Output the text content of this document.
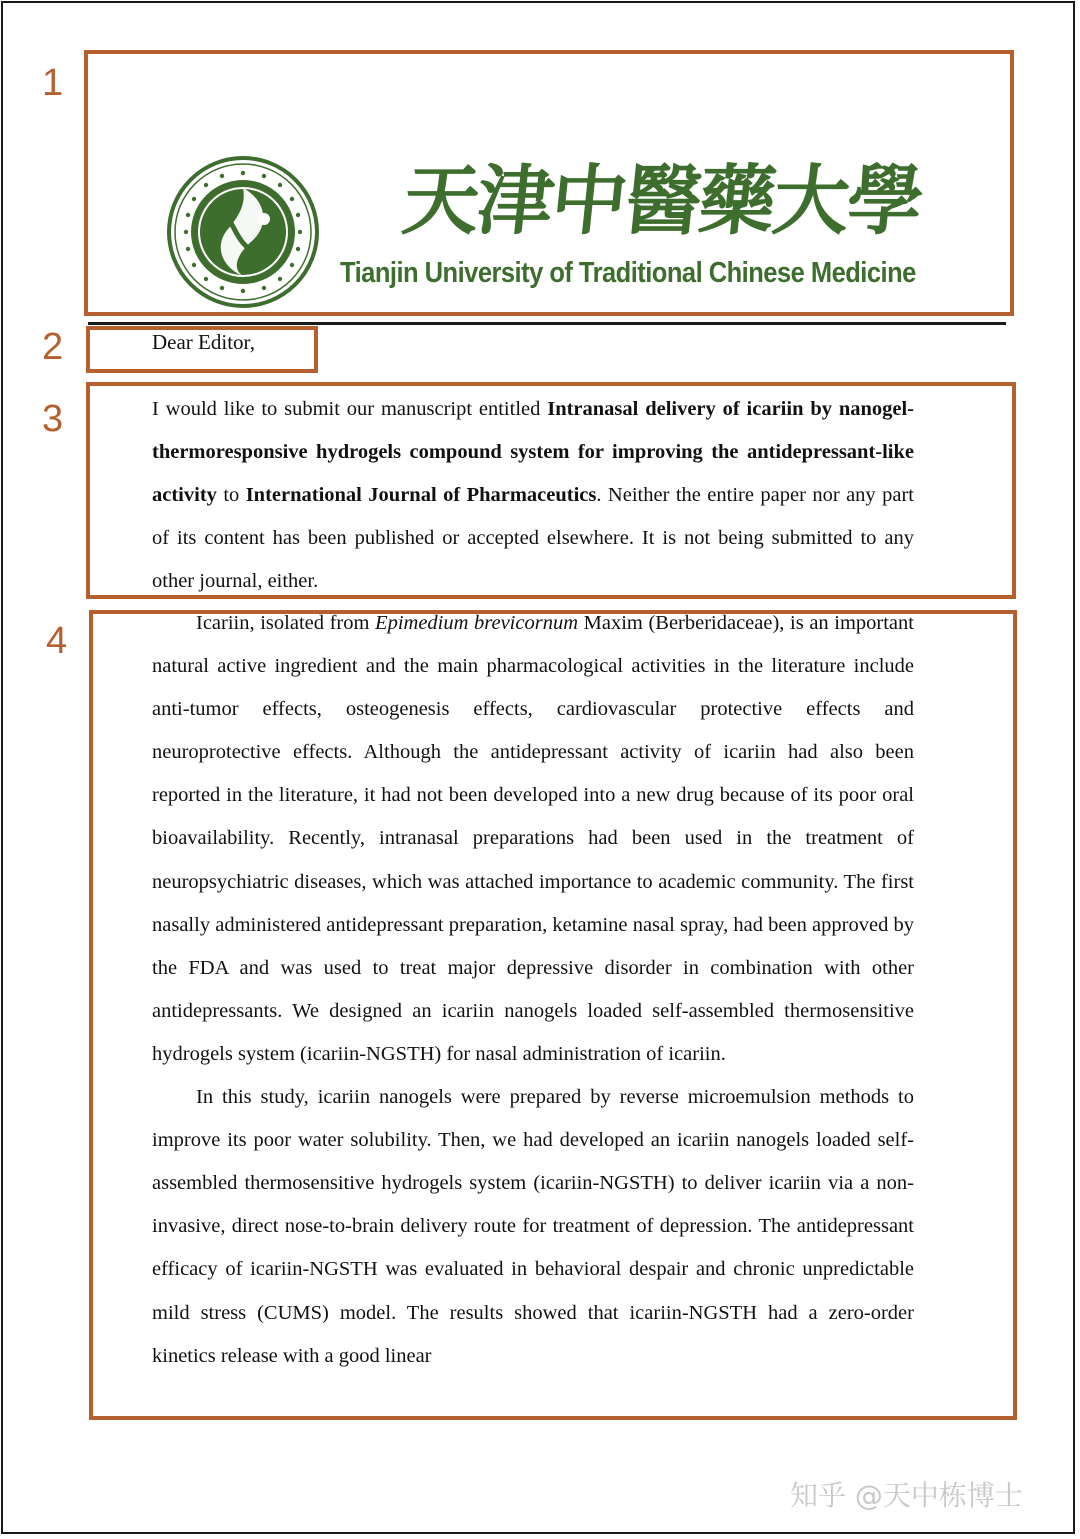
1
2
3
4
天津中醫藥大學
Tianjin University of Traditional Chinese Medicine
Dear Editor,

I would like to submit our manuscript entitled Intranasal delivery of icariin by nanogel-thermoresponsive hydrogels compound system for improving the antidepressant-like activity to International Journal of Pharmaceutics. Neither the entire paper nor any part of its content has been published or accepted elsewhere. It is not being submitted to any other journal, either.

Icariin, isolated from Epimedium brevicornum Maxim (Berberidaceae), is an important natural active ingredient and the main pharmacological activities in the literature include anti-tumor effects, osteogenesis effects, cardiovascular protective effects and neuroprotective effects. Although the antidepressant activity of icariin had also been reported in the literature, it had not been developed into a new drug because of its poor oral bioavailability. Recently, intranasal preparations had been used in the treatment of neuropsychiatric diseases, which was attached importance to academic community. The first nasally administered antidepressant preparation, ketamine nasal spray, had been approved by the FDA and was used to treat major depressive disorder in combination with other antidepressants. We designed an icariin nanogels loaded self-assembled thermosensitive hydrogels system (icariin-NGSTH) for nasal administration of icariin.

In this study, icariin nanogels were prepared by reverse microemulsion methods to improve its poor water solubility. Then, we had developed an icariin nanogels loaded self-assembled thermosensitive hydrogels system (icariin-NGSTH) to deliver icariin via a non-invasive, direct nose-to-brain delivery route for treatment of depression. The antidepressant efficacy of icariin-NGSTH was evaluated in behavioral despair and chronic unpredictable mild stress (CUMS) model. The results showed that icariin-NGSTH had a zero-order kinetics release with a good linear

知乎 @天中栋博士
